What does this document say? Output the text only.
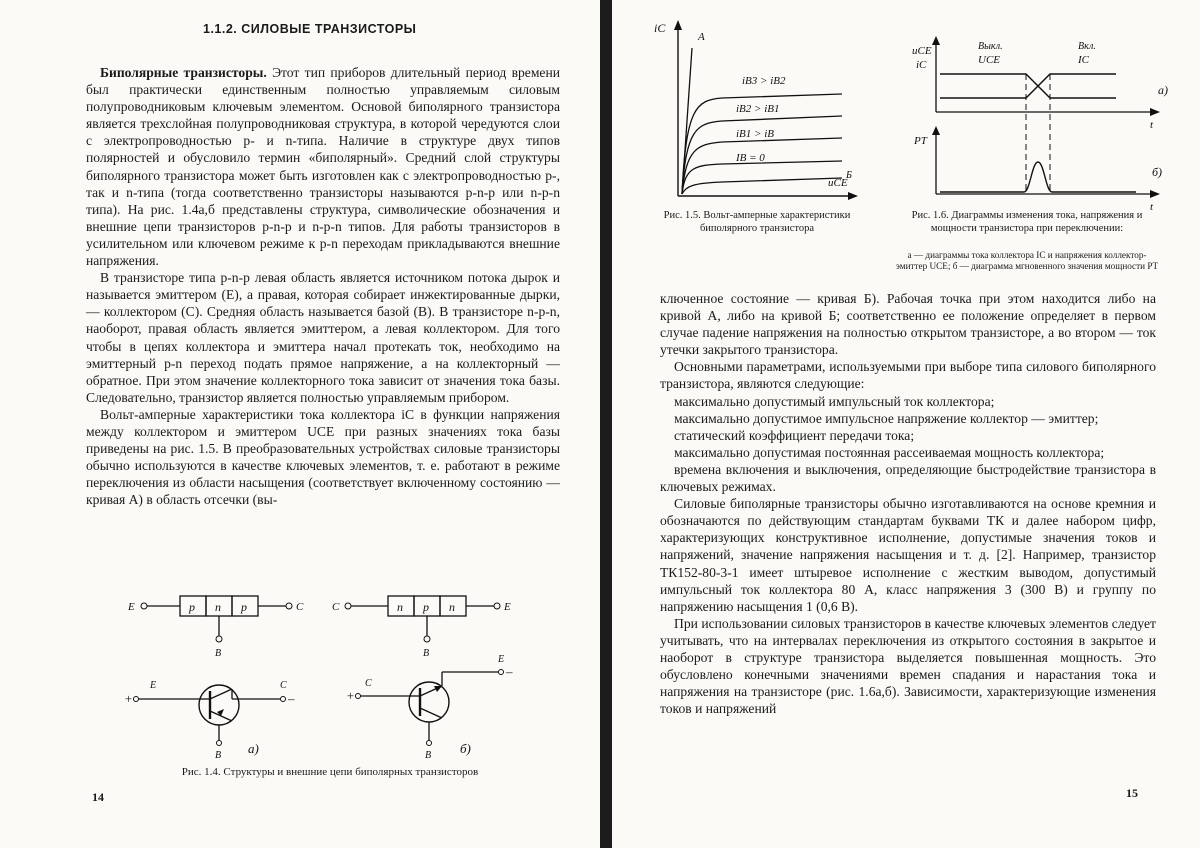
1.1.2. СИЛОВЫЕ ТРАНЗИСТОРЫ

Биполярные транзисторы. Этот тип приборов длительный период времени был практически единственным полностью управляемым силовым полупроводниковым ключевым элементом. Основой биполярного транзистора является трехслойная полупроводниковая структура, в которой чередуются слои с электропроводностью p- и n-типа. Наличие в структуре двух типов полярностей и обусловило термин «биполярный». Средний слой структуры биполярного транзистора может быть изготовлен как с электропроводностью p-, так и n-типа (тогда соответственно транзисторы называются p-n-p или n-p-n типа). На рис. 1.4а,б представлены структура, символические обозначения и внешние цепи транзисторов p-n-p и n-p-n типов. Для работы транзисторов в усилительном или ключевом режиме к p-n переходам прикладываются внешние напряжения.

В транзисторе типа p-n-p левая область является источником потока дырок и называется эмиттером (E), а правая, которая собирает инжектированные дырки,— коллектором (C). Средняя область называется базой (B). В транзисторе n-p-n, наоборот, правая область является эмиттером, а левая коллектором. Для того чтобы в цепях коллектора и эмиттера начал протекать ток, необходимо на эмиттерный p-n переход подать прямое напряжение, а на коллекторный — обратное. При этом значение коллекторного тока зависит от значения тока базы. Следовательно, транзистор является полностью управляемым прибором.

Вольт-амперные характеристики тока коллектора iC в функции напряжения между коллектором и эмиттером UCE при разных значениях тока базы приведены на рис. 1.5. В преобразовательных устройствах силовые транзисторы обычно используются в качестве ключевых элементов, т. е. работают в режиме переключения из области насыщения (соответствует включенному состоянию — кривая A) в область отсечки (вы-

E	p n p	C
B
C	n p n	E
B
+
E	C
–
B а)
+
C
E
–
B б)
Рис. 1.4. Структуры и внешние цепи биполярных транзисторов
14
iC
uCE
A
Б
iB3 > iB2
iB2 > iB1
iB1 > iB
IB = 0
Рис. 1.5. Вольт-амперные характеристики биполярного транзистора
uCE
iC
Выкл.
UCE
Вкл.
IC
t
а)
PT
t
б)
Рис. 1.6. Диаграммы изменения тока, напряжения и мощности транзистора при переключении:
а — диаграммы тока коллектора IC и напряжения коллектор-эмиттер UCE; б — диаграмма мгновенного значения мощности PT

ключенное состояние — кривая Б). Рабочая точка при этом находится либо на кривой А, либо на кривой Б; соответственно ее положение определяет в первом случае падение напряжения на полностью открытом транзисторе, а во втором — ток утечки закрытого транзистора.

Основными параметрами, используемыми при выборе типа силового биполярного транзистора, являются следующие:

максимально допустимый импульсный ток коллектора;

максимально допустимое импульсное напряжение коллектор — эмиттер;

статический коэффициент передачи тока;

максимально допустимая постоянная рассеиваемая мощность коллектора;

времена включения и выключения, определяющие быстродействие транзистора в ключевых режимах.

Силовые биполярные транзисторы обычно изготавливаются на основе кремния и обозначаются по действующим стандартам буквами ТК и далее набором цифр, характеризующих конструктивное исполнение, допустимые значения токов и напряжений, значение напряжения насыщения и т. д. [2]. Например, транзистор ТК152-80-3-1 имеет штыревое исполнение с жестким выводом, допустимый импульсный ток коллектора 80 А, класс напряжения 3 (300 В) и группу по напряжению насыщения 1 (0,6 В).

При использовании силовых транзисторов в качестве ключевых элементов следует учитывать, что на интервалах переключения из открытого состояния в закрытое и наоборот в структуре транзистора выделяется повышенная мощность. Это обусловлено конечными значениями времен спадания и нарастания тока и напряжения на транзисторе (рис. 1.6а,б). Зависимости, характеризующие изменения токов и напряжений

15
